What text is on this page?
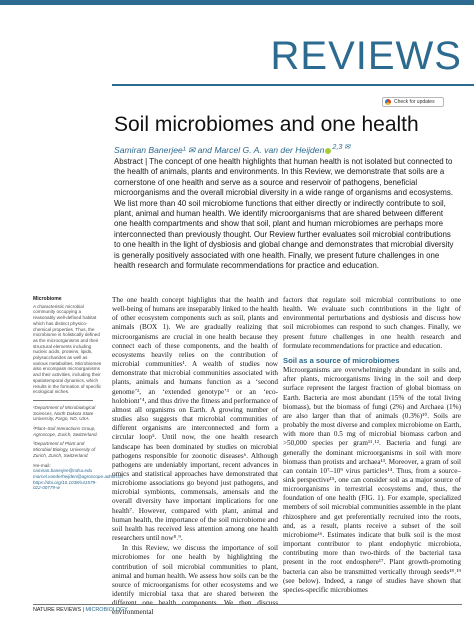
REVIEWS
Check for updates
Soil microbiomes and one health
Samiran Banerjee¹ ✉ and Marcel G. A. van der Heijden $^{2,3 ✉}$
Abstract | The concept of one health highlights that human health is not isolated but connected to the health of animals, plants and environments. In this Review, we demonstrate that soils are a cornerstone of one health and serve as a source and reservoir of pathogens, beneficial microorganisms and the overall microbial diversity in a wide range of organisms and ecosystems. We list more than 40 soil microbiome functions that either directly or indirectly contribute to soil, plant, animal and human health. We identify microorganisms that are shared between different one health compartments and show that soil, plant and human microbiomes are perhaps more interconnected than previously thought. Our Review further evaluates soil microbial contributions to one health in the light of dysbiosis and global change and demonstrates that microbial diversity is generally positively associated with one health. Finally, we present future challenges in one health research and formulate recommendations for practice and education.
Microbiome
A characteristic microbial community occupying a reasonably well-defined habitat which has distinct physico-chemical properties. Thus, the microbiome is holistically defined as the microorganisms and their structural elements including nucleic acids, proteins, lipids, polysaccharides as well as various metabolites. Microbiomes also encompass microorganisms and their activities, including their spatiotemporal dynamics, which results in the formation of specific ecological niches.
¹Department of Microbiological Sciences, North Dakota State University, Fargo, ND, USA.
²Plant–Soil Interactions Group, Agroscope, Zurich, Switzerland.
³Department of Plant and Microbial Biology, University of Zurich, Zurich, Switzerland.
✉e-mail:
samiran.banerjee@ndsu.edu
marcel.vanderheijden@agroscope.admin.ch
https://doi.org/10.1038/s41579-022-00779-w

The one health concept highlights that the health and well-being of humans are inseparably linked to the health of other ecosystem components such as soil, plants and animals (BOX 1). We are gradually realizing that microorganisms are crucial in one health because they connect each of these components, and the health of ecosystems heavily relies on the contribution of microbial communities¹. A wealth of studies now demonstrate that microbial communities associated with plants, animals and humans function as a ‘second genome’², an ‘extended genotype’³ or an ‘eco-holobiont’⁴, and thus drive the fitness and performance of almost all organisms on Earth. A growing number of studies also suggests that microbial communities of different organisms are interconnected and form a circular loop⁵. Until now, the one health research landscape has been dominated by studies on microbial pathogens responsible for zoonotic diseases⁶. Although pathogens are undeniably important, recent advances in omics and statistical approaches have demonstrated that microbiome associations go beyond just pathogens, and microbial symbionts, commensals, amensals and the overall diversity have important implications for one health⁷. However, compared with plant, animal and human health, the importance of the soil microbiome and soil health has received less attention among one health researchers until now⁸˒⁹.

In this Review, we discuss the importance of soil microbiomes for one health by highlighting the contribution of soil microbial communities to plant, animal and human health. We assess how soils can be the source of microorganisms for other ecosystems and we identify microbial taxa that are shared between the environmental

factors that regulate soil microbial contributions to one health. We evaluate such contributions in the light of environmental perturbations and dysbiosis and discuss how soil microbiomes can respond to such changes. Finally, we present future challenges in one health research and formulate recommendations for practice and education.

Soil as a source of microbiomes

Microorganisms are overwhelmingly abundant in soils and, after plants, microorganisms living in the soil and deep surface represent the largest fraction of global biomass on Earth. Bacteria are most abundant (15% of the total living biomass), but the biomass of fungi (2%) and Archaea (1%) are also larger than that of animals (0.3%)¹⁰. Soils are probably the most diverse and complex microbiome on Earth, with more than 0.5 mg of microbial biomass carbon and >50,000 species per gram¹¹˒¹². Bacteria and fungi are generally the dominant microorganisms in soil with more biomass than protists and archaea¹³. Moreover, a gram of soil can contain 10⁷–10⁹ virus particles¹⁴. Thus, from a source–sink perspective¹⁵, one can consider soil as a major source of microorganisms in terrestrial ecosystems and, thus, the foundation of one health (FIG. 1). For example, specialized members of soil microbial communities assemble in the plant rhizosphere and get preferentially recruited into the roots, and, as a result, plants receive a subset of the soil microbiome¹⁶. Estimates indicate that bulk soil is the most important contributor to plant endophytic microbiota, contributing more than two-thirds of the bacterial taxa present in the root endosphere¹⁷. Plant growth-promoting bacteria can also be transmitted vertically through seeds¹⁸˒¹⁹ (see below). Indeed, a range of studies have shown that species-specific microbiomes

NATURE REVIEWS | MICROBIOLOGY
